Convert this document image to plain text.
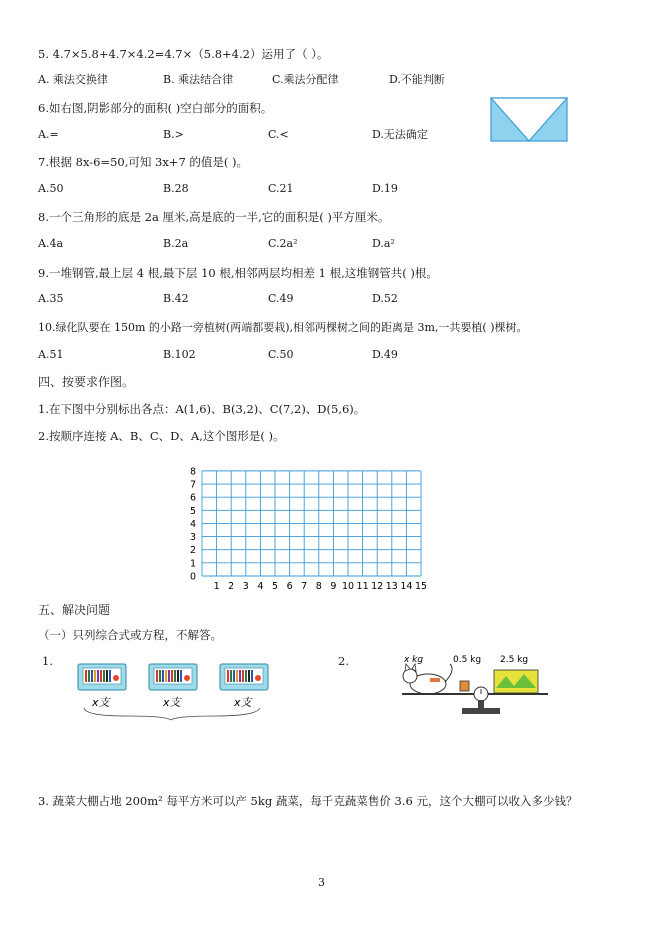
5. 4.7×5.8+4.7×4.2=4.7×（5.8+4.2）运用了（ ）。
A. 乘法交换律	B. 乘法结合律	C.乘法分配律	D.不能判断
6.如右图,阴影部分的面积( )空白部分的面积。
A.=	B.>	C.<	D.无法确定
7.根据 8x-6=50,可知 3x+7 的值是( )。
A.50	B.28	C.21	D.19
8.一个三角形的底是 2a 厘米,高是底的一半,它的面积是( )平方厘米。
A.4a	B.2a	C.2a²	D.a²
9.一堆钢管,最上层 4 根,最下层 10 根,相邻两层均相差 1 根,这堆钢管共( )根。
A.35	B.42	C.49	D.52
10.绿化队要在 150m 的小路一旁植树(两端都要栽),相邻两棵树之间的距离是 3m,一共要植( )棵树。
A.51	B.102	C.50	D.49
四、按要求作图。
1.在下图中分别标出各点：A(1,6)、B(3,2)、C(7,2)、D(5,6)。
2.按顺序连接 A、B、C、D、A,这个图形是( )。
1 2 3 4 5 6 7 8 9 10 11 12 13 14 15
0
1
2
3
4
5
6
7
8
五、解决问题
（一）只列综合式或方程，不解答。
1.
x支	x支	x支
2.	x kg	0.5 kg 2.5 kg
3. 蔬菜大棚占地 200m² 每平方米可以产 5kg 蔬菜，每千克蔬菜售价 3.6 元，这个大棚可以收入多少钱？
3
